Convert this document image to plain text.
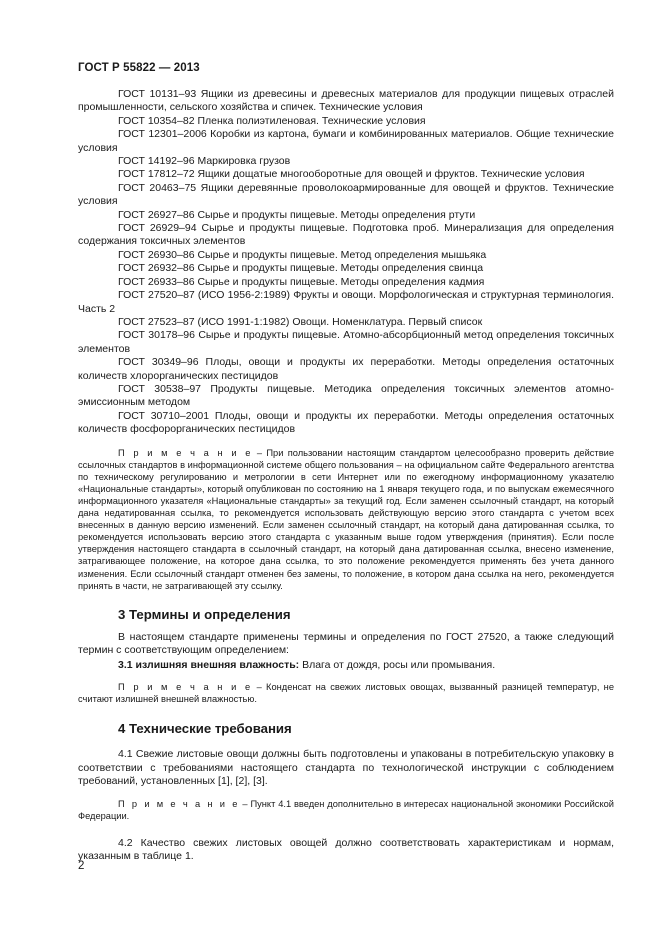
ГОСТ Р 55822 — 2013

ГОСТ 10131–93 Ящики из древесины и древесных материалов для продукции пищевых отраслей промышленности, сельского хозяйства и спичек. Технические условия

ГОСТ 10354–82 Пленка полиэтиленовая. Технические условия

ГОСТ 12301–2006 Коробки из картона, бумаги и комбинированных материалов. Общие технические условия

ГОСТ 14192–96 Маркировка грузов

ГОСТ 17812–72 Ящики дощатые многооборотные для овощей и фруктов. Технические условия

ГОСТ 20463–75 Ящики деревянные проволокоармированные для овощей и фруктов. Технические условия

ГОСТ 26927–86 Сырье и продукты пищевые. Методы определения ртути

ГОСТ 26929–94 Сырье и продукты пищевые. Подготовка проб. Минерализация для определения содержания токсичных элементов

ГОСТ 26930–86 Сырье и продукты пищевые. Метод определения мышьяка

ГОСТ 26932–86 Сырье и продукты пищевые. Методы определения свинца

ГОСТ 26933–86 Сырье и продукты пищевые. Методы определения кадмия

ГОСТ 27520–87 (ИСО 1956-2:1989) Фрукты и овощи. Морфологическая и структурная терминология. Часть 2

ГОСТ 27523–87 (ИСО 1991-1:1982) Овощи. Номенклатура. Первый список

ГОСТ 30178–96 Сырье и продукты пищевые. Атомно-абсорбционный метод определения токсичных элементов

ГОСТ 30349–96 Плоды, овощи и продукты их переработки. Методы определения остаточных количеств хлорорганических пестицидов

ГОСТ 30538–97 Продукты пищевые. Методика определения токсичных элементов атомно-эмиссионным методом

ГОСТ 30710–2001 Плоды, овощи и продукты их переработки. Методы определения остаточных количеств фосфорорганических пестицидов

П р и м е ч а н и е – При пользовании настоящим стандартом целесообразно проверить действие ссылочных стандартов в информационной системе общего пользования – на официальном сайте Федерального агентства по техническому регулированию и метрологии в сети Интернет или по ежегодному информационному указателю «Национальные стандарты», который опубликован по состоянию на 1 января текущего года, и по выпускам ежемесячного информационного указателя «Национальные стандарты» за текущий год. Если заменен ссылочный стандарт, на который дана недатированная ссылка, то рекомендуется использовать действующую версию этого стандарта с учетом всех внесенных в данную версию изменений. Если заменен ссылочный стандарт, на который дана датированная ссылка, то рекомендуется использовать версию этого стандарта с указанным выше годом утверждения (принятия). Если после утверждения настоящего стандарта в ссылочный стандарт, на который дана датированная ссылка, внесено изменение, затрагивающее положение, на которое дана ссылка, то это положение рекомендуется применять без учета данного изменения. Если ссылочный стандарт отменен без замены, то положение, в котором дана ссылка на него, рекомендуется принять в части, не затрагивающей эту ссылку.

3 Термины и определения

В настоящем стандарте применены термины и определения по ГОСТ 27520, а также следующий термин с соответствующим определением:

3.1 излишняя внешняя влажность: Влага от дождя, росы или промывания.

П р и м е ч а н и е – Конденсат на свежих листовых овощах, вызванный разницей температур, не считают излишней внешней влажностью.

4 Технические требования

4.1 Свежие листовые овощи должны быть подготовлены и упакованы в потребительскую упаковку в соответствии с требованиями настоящего стандарта по технологической инструкции с соблюдением требований, установленных [1], [2], [3].

П р и м е ч а н и е – Пункт 4.1 введен дополнительно в интересах национальной экономики Российской Федерации.

4.2 Качество свежих листовых овощей должно соответствовать характеристикам и нормам, указанным в таблице 1.

2
